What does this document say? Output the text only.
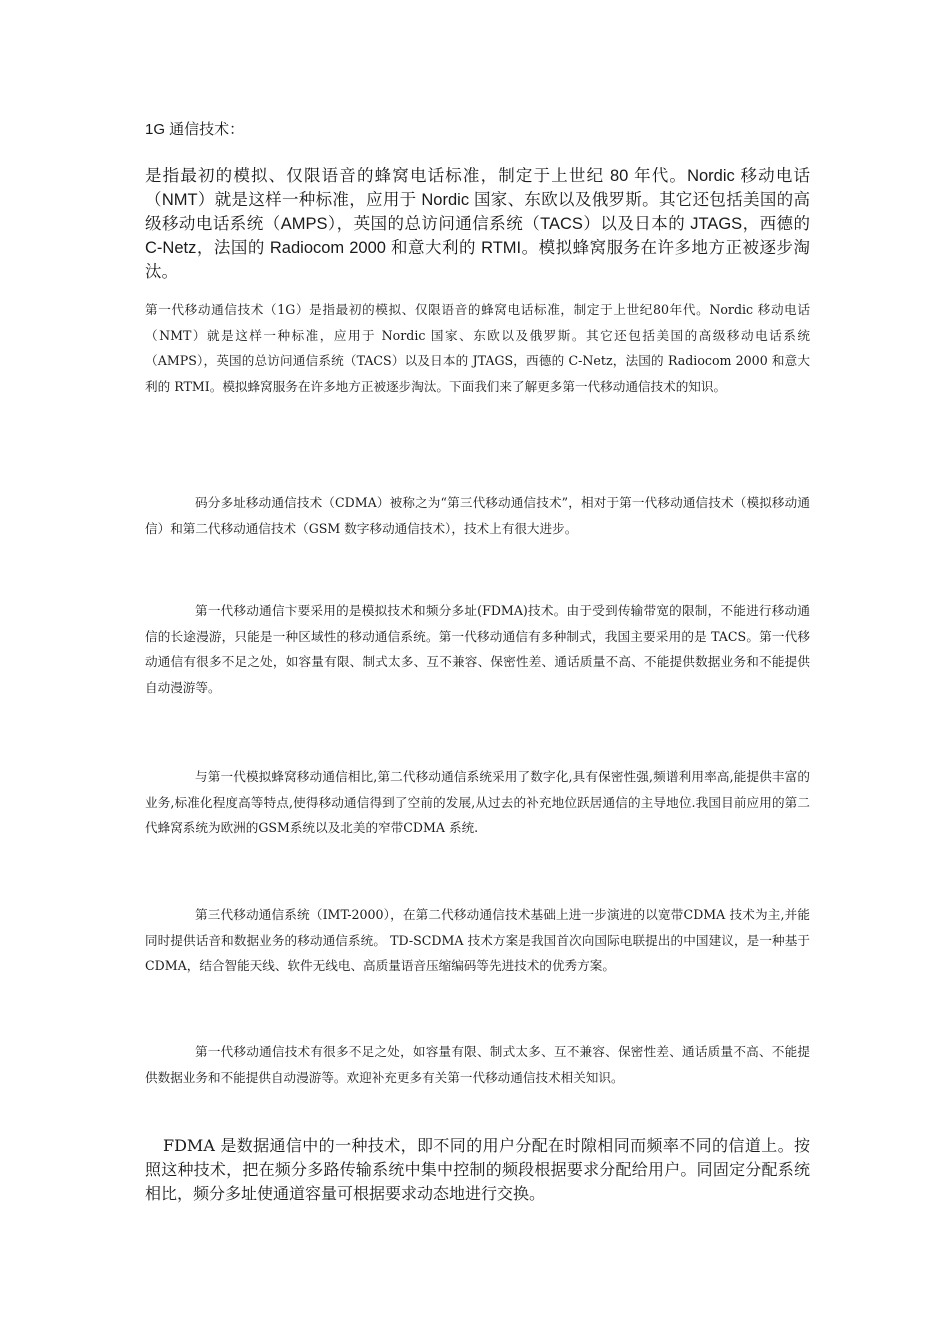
1G 通信技术：

是指最初的模拟、仅限语音的蜂窝电话标准，制定于上世纪 80 年代。Nordic 移动电话（NMT）就是这样一种标准，应用于 Nordic 国家、东欧以及俄罗斯。其它还包括美国的高级移动电话系统（AMPS），英国的总访问通信系统（TACS）以及日本的 JTAGS，西德的 C-Netz，法国的 Radiocom 2000 和意大利的 RTMI。模拟蜂窝服务在许多地方正被逐步淘汰。

第一代移动通信技术（1G）是指最初的模拟、仅限语音的蜂窝电话标准，制定于上世纪80年代。Nordic 移动电话（NMT）就是这样一种标准，应用于 Nordic 国家、东欧以及俄罗斯。其它还包括美国的高级移动电话系统（AMPS），英国的总访问通信系统（TACS）以及日本的 JTAGS，西德的 C-Netz，法国的 Radiocom 2000 和意大利的 RTMI。模拟蜂窝服务在许多地方正被逐步淘汰。下面我们来了解更多第一代移动通信技术的知识。

码分多址移动通信技术（CDMA）被称之为“第三代移动通信技术”，相对于第一代移动通信技术（模拟移动通信）和第二代移动通信技术（GSM 数字移动通信技术），技术上有很大进步。

第一代移动通信卞要采用的是模拟技术和频分多址(FDMA)技术。由于受到传输带宽的限制，不能进行移动通信的长途漫游，只能是一种区域性的移动通信系统。第一代移动通信有多种制式，我国主要采用的是 TACS。第一代移动通信有很多不足之处，如容量有限、制式太多、互不兼容、保密性差、通话质量不高、不能提供数据业务和不能提供自动漫游等。

与第一代模拟蜂窝移动通信相比,第二代移动通信系统采用了数字化,具有保密性强,频谱利用率高,能提供丰富的业务,标准化程度高等特点,使得移动通信得到了空前的发展,从过去的补充地位跃居通信的主导地位.我国目前应用的第二代蜂窝系统为欧洲的GSM系统以及北美的窄带CDMA 系统.

第三代移动通信系统（IMT-2000），在第二代移动通信技术基础上进一步演进的以宽带CDMA 技术为主,并能同时提供话音和数据业务的移动通信系统。 TD-SCDMA 技术方案是我国首次向国际电联提出的中国建议，是一种基于 CDMA，结合智能天线、软件无线电、高质量语音压缩编码等先进技术的优秀方案。

第一代移动通信技术有很多不足之处，如容量有限、制式太多、互不兼容、保密性差、通话质量不高、不能提供数据业务和不能提供自动漫游等。欢迎补充更多有关第一代移动通信技术相关知识。

FDMA 是数据通信中的一种技术，即不同的用户分配在时隙相同而频率不同的信道上。按照这种技术，把在频分多路传输系统中集中控制的频段根据要求分配给用户。同固定分配系统相比，频分多址使通道容量可根据要求动态地进行交换。
